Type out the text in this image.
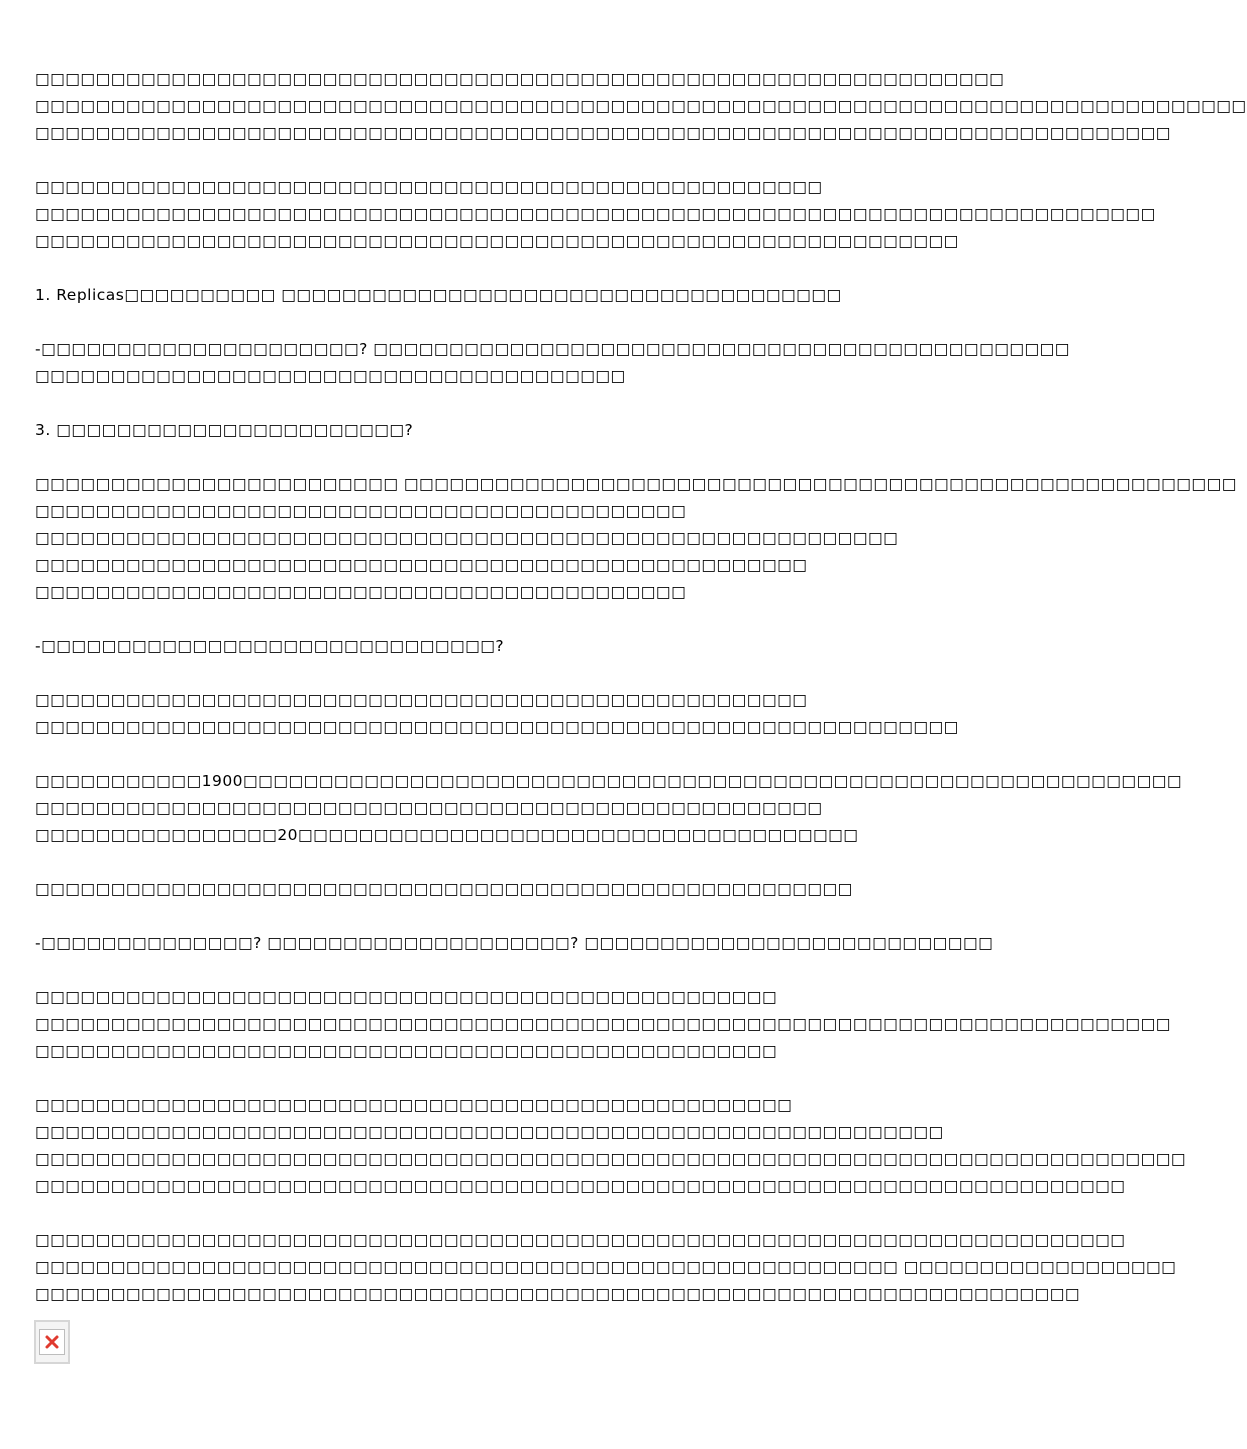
□□□□□□□□□□□□□□□□□□□□□□□□□□□□□□□□□□□□□□□□□□□□□□□□□□□□□□□□□□□□□□□□
□□□□□□□□□□□□□□□□□□□□□□□□□□□□□□□□□□□□□□□□□□□□□□□□□□□□□□□□□□□□□□□□□□□□□□□□□□□□□□□□
□□□□□□□□□□□□□□□□□□□□□□□□□□□□□□□□□□□□□□□□□□□□□□□□□□□□□□□□□□□□□□□□□□□□□□□□□□□
□□□□□□□□□□□□□□□□□□□□□□□□□□□□□□□□□□□□□□□□□□□□□□□□□□□□
□□□□□□□□□□□□□□□□□□□□□□□□□□□□□□□□□□□□□□□□□□□□□□□□□□□□□□□□□□□□□□□□□□□□□□□□□□
□□□□□□□□□□□□□□□□□□□□□□□□□□□□□□□□□□□□□□□□□□□□□□□□□□□□□□□□□□□□□
1. Replicas□□□□□□□□□□ □□□□□□□□□□□□□□□□□□□□□□□□□□□□□□□□□□□□□
-□□□□□□□□□□□□□□□□□□□□□? □□□□□□□□□□□□□□□□□□□□□□□□□□□□□□□□□□□□□□□□□□□□□□
□□□□□□□□□□□□□□□□□□□□□□□□□□□□□□□□□□□□□□□
3. □□□□□□□□□□□□□□□□□□□□□□□?
□□□□□□□□□□□□□□□□□□□□□□□□ □□□□□□□□□□□□□□□□□□□□□□□□□□□□□□□□□□□□□□□□□□□□□□□□□□□□□□□
□□□□□□□□□□□□□□□□□□□□□□□□□□□□□□□□□□□□□□□□□□□
□□□□□□□□□□□□□□□□□□□□□□□□□□□□□□□□□□□□□□□□□□□□□□□□□□□□□□□□□
□□□□□□□□□□□□□□□□□□□□□□□□□□□□□□□□□□□□□□□□□□□□□□□□□□□
□□□□□□□□□□□□□□□□□□□□□□□□□□□□□□□□□□□□□□□□□□□
-□□□□□□□□□□□□□□□□□□□□□□□□□□□□□□?
□□□□□□□□□□□□□□□□□□□□□□□□□□□□□□□□□□□□□□□□□□□□□□□□□□□
□□□□□□□□□□□□□□□□□□□□□□□□□□□□□□□□□□□□□□□□□□□□□□□□□□□□□□□□□□□□□
□□□□□□□□□□□1900□□□□□□□□□□□□□□□□□□□□□□□□□□□□□□□□□□□□□□□□□□□□□□□□□□□□□□□□□□□□□□
□□□□□□□□□□□□□□□□□□□□□□□□□□□□□□□□□□□□□□□□□□□□□□□□□□□□
□□□□□□□□□□□□□□□□20□□□□□□□□□□□□□□□□□□□□□□□□□□□□□□□□□□□□□
□□□□□□□□□□□□□□□□□□□□□□□□□□□□□□□□□□□□□□□□□□□□□□□□□□□□□□
-□□□□□□□□□□□□□□? □□□□□□□□□□□□□□□□□□□□? □□□□□□□□□□□□□□□□□□□□□□□□□□□
□□□□□□□□□□□□□□□□□□□□□□□□□□□□□□□□□□□□□□□□□□□□□□□□□
□□□□□□□□□□□□□□□□□□□□□□□□□□□□□□□□□□□□□□□□□□□□□□□□□□□□□□□□□□□□□□□□□□□□□□□□□□□
□□□□□□□□□□□□□□□□□□□□□□□□□□□□□□□□□□□□□□□□□□□□□□□□□
□□□□□□□□□□□□□□□□□□□□□□□□□□□□□□□□□□□□□□□□□□□□□□□□□□
□□□□□□□□□□□□□□□□□□□□□□□□□□□□□□□□□□□□□□□□□□□□□□□□□□□□□□□□□□□□
□□□□□□□□□□□□□□□□□□□□□□□□□□□□□□□□□□□□□□□□□□□□□□□□□□□□□□□□□□□□□□□□□□□□□□□□□□□□
□□□□□□□□□□□□□□□□□□□□□□□□□□□□□□□□□□□□□□□□□□□□□□□□□□□□□□□□□□□□□□□□□□□□□□□□
□□□□□□□□□□□□□□□□□□□□□□□□□□□□□□□□□□□□□□□□□□□□□□□□□□□□□□□□□□□□□□□□□□□□□□□□
□□□□□□□□□□□□□□□□□□□□□□□□□□□□□□□□□□□□□□□□□□□□□□□□□□□□□□□□□ □□□□□□□□□□□□□□□□□□
□□□□□□□□□□□□□□□□□□□□□□□□□□□□□□□□□□□□□□□□□□□□□□□□□□□□□□□□□□□□□□□□□□□□□
